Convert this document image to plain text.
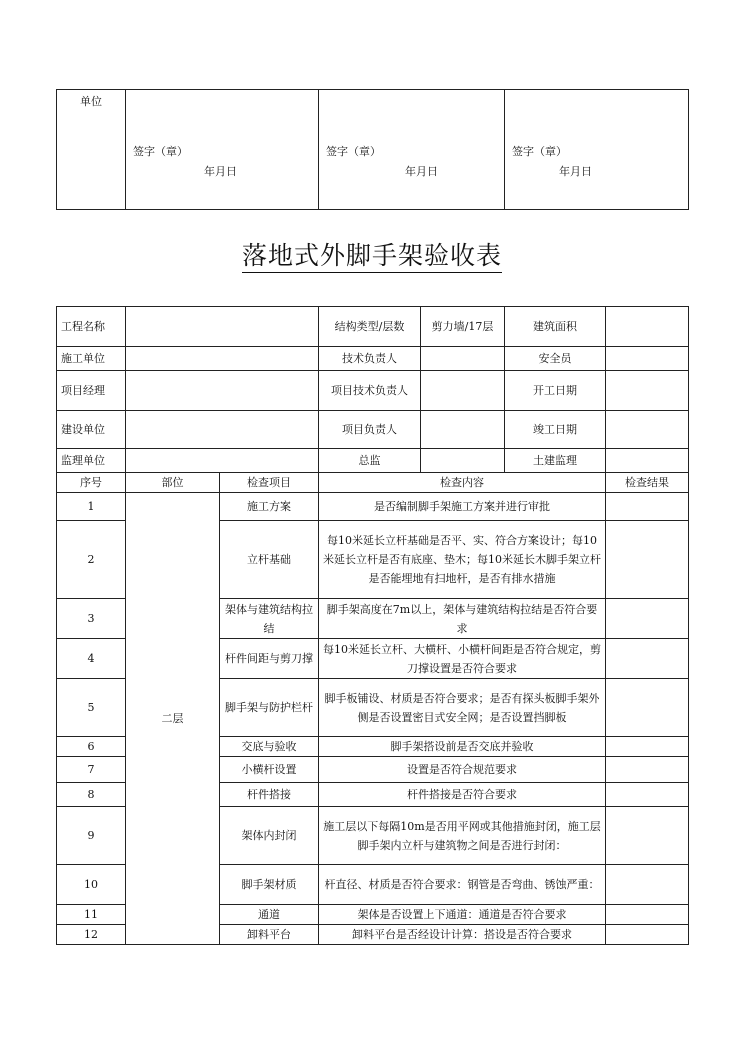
单位	
签字（章）
年月日

签字（章）
年月日

签字（章）
年月日
落地式外脚手架验收表
工程名称			结构类型/层数	剪力墙/17层	建筑面积	
施工单位			技术负责人		安全员	
项目经理			项目技术负责人		开工日期	
建设单位			项目负责人		竣工日期	
监理单位			总监		土建监理	
序号	部位	检查项目	检查内容			检查结果
1	二层	施工方案	是否编制脚手架施工方案并进行审批			
2		立杆基础	每10米延长立杆基础是否平、实、符合方案设计；每10米延长立杆是否有底座、垫木；每10米延长木脚手架立杆是否能埋地有扫地杆，是否有排水措施			
3		架体与建筑结构拉结	脚手架高度在7m以上，架体与建筑结构拉结是否符合要求			
4		杆件间距与剪刀撑	每10米延长立杆、大横杆、小横杆间距是否符合规定，剪刀撑设置是否符合要求			
5		脚手架与防护栏杆	脚手板铺设、材质是否符合要求；是否有探头板脚手架外侧是否设置密目式安全网；是否设置挡脚板			
6		交底与验收	脚手架搭设前是否交底并验收			
7		小横杆设置	设置是否符合规范要求			
8		杆件搭接	杆件搭接是否符合要求			
9		架体内封闭	施工层以下每隔10m是否用平网或其他措施封闭，施工层脚手架内立杆与建筑物之间是否进行封闭：			
10		脚手架材质	杆直径、材质是否符合要求：钢管是否弯曲、锈蚀严重：			
11		通道	架体是否设置上下通道：通道是否符合要求			
12		卸料平台	卸料平台是否经设计计算：搭设是否符合要求			
